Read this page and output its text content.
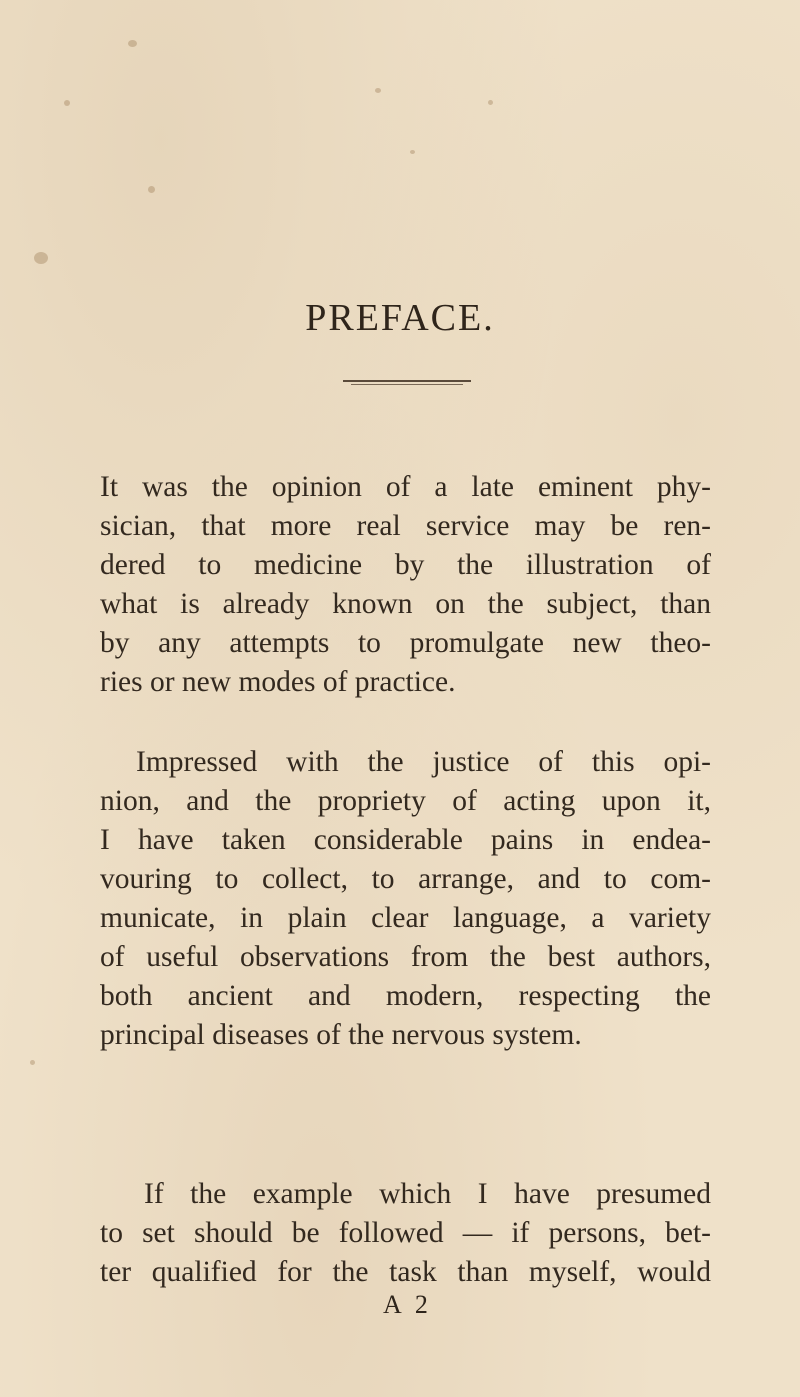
PREFACE.
It was the opinion of a late eminent phy-
sician, that more real service may be ren-
dered to medicine by the illustration of
what is already known on the subject, than
by any attempts to promulgate new theo-
ries or new modes of practice.
Impressed with the justice of this opi-
nion, and the propriety of acting upon it,
I have taken considerable pains in endea-
vouring to collect, to arrange, and to com-
municate, in plain clear language, a variety
of useful observations from the best authors,
both ancient and modern, respecting the
principal diseases of the nervous system.
If the example which I have presumed
to set should be followed — if persons, bet-
ter qualified for the task than myself, would
A 2
